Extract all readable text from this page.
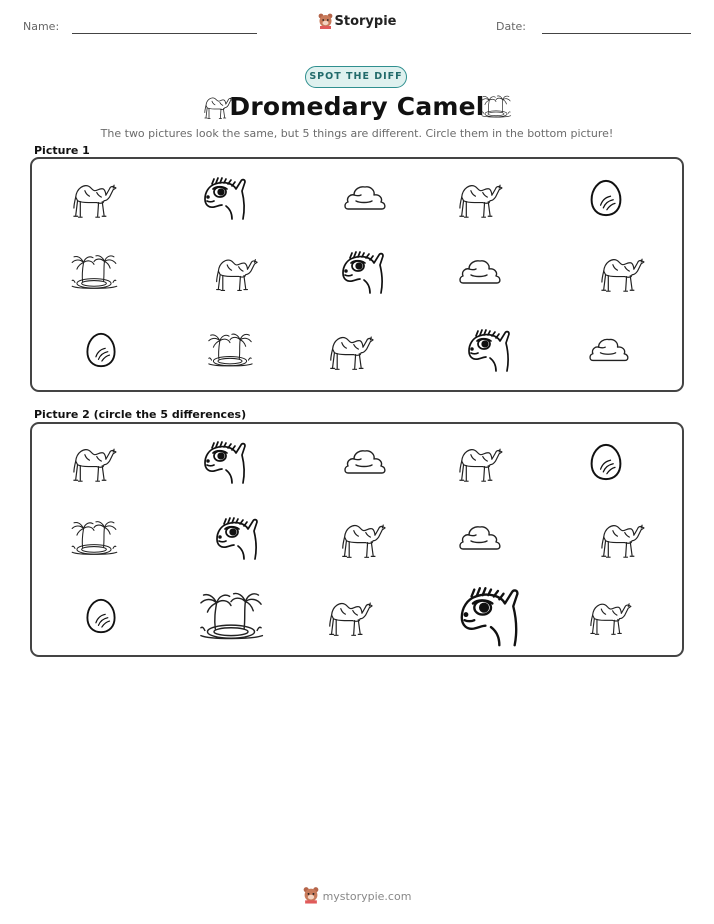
Name:	Date:
Storypie
SPOT THE DIFF
Dromedary Camel
The two pictures look the same, but 5 things are different. Circle them in the bottom picture!
Picture 1
Picture 2 (circle the 5 differences)
mystorypie.com
